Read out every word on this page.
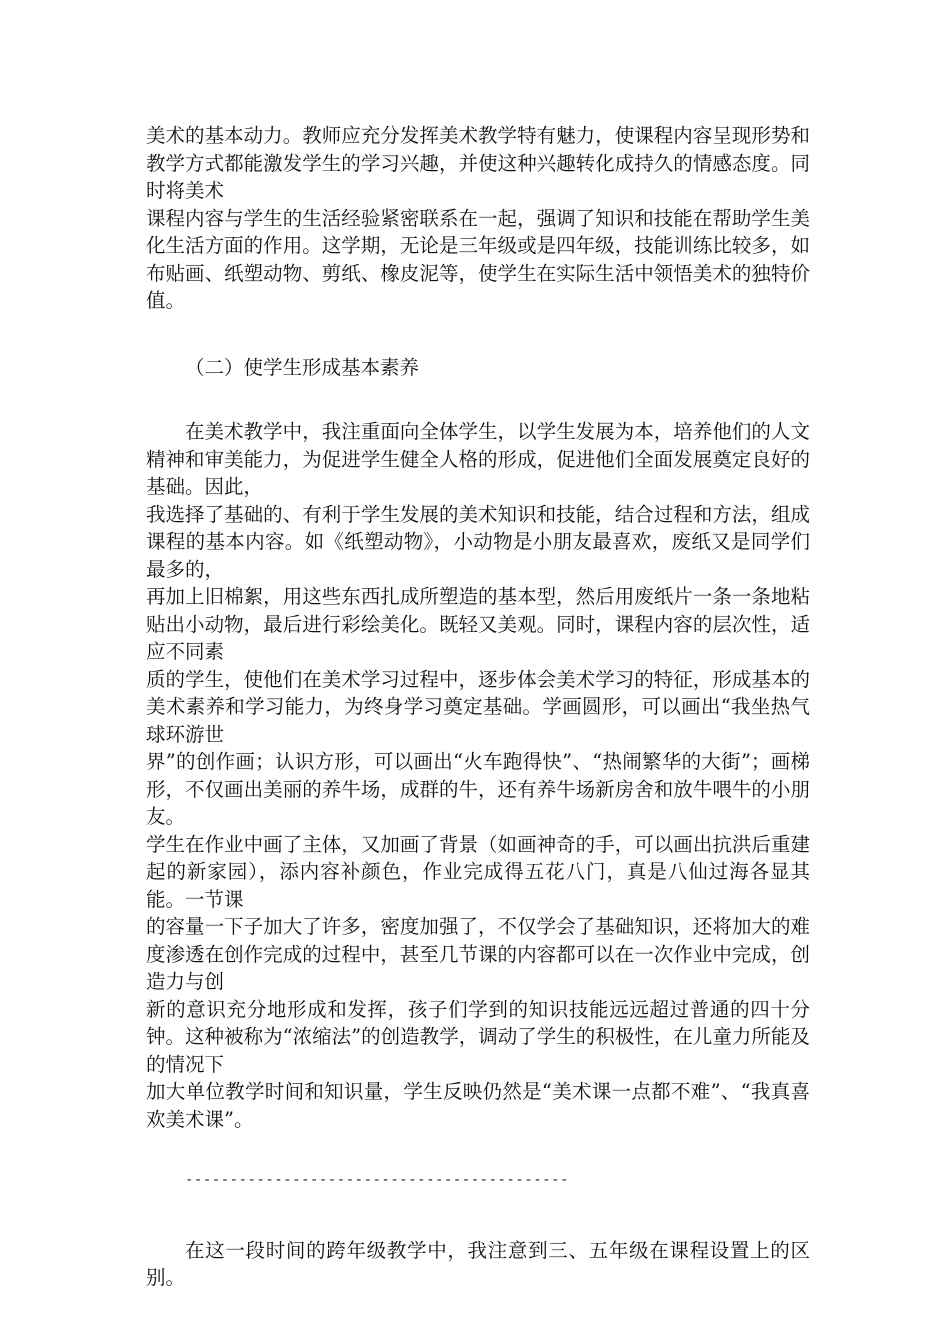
美术的基本动力。教师应充分发挥美术教学特有魅力，使课程内容呈现形势和教学方式都能激发学生的学习兴趣，并使这种兴趣转化成持久的情感态度。同时将美术

课程内容与学生的生活经验紧密联系在一起，强调了知识和技能在帮助学生美化生活方面的作用。这学期，无论是三年级或是四年级，技能训练比较多，如布贴画、纸塑动物、剪纸、橡皮泥等，使学生在实际生活中领悟美术的独特价值。

（二）使学生形成基本素养

在美术教学中，我注重面向全体学生，以学生发展为本，培养他们的人文精神和审美能力，为促进学生健全人格的形成，促进他们全面发展奠定良好的基础。因此，

我选择了基础的、有利于学生发展的美术知识和技能，结合过程和方法，组成课程的基本内容。如《纸塑动物》，小动物是小朋友最喜欢，废纸又是同学们最多的，

再加上旧棉絮，用这些东西扎成所塑造的基本型，然后用废纸片一条一条地粘贴出小动物，最后进行彩绘美化。既轻又美观。同时，课程内容的层次性，适应不同素

质的学生，使他们在美术学习过程中，逐步体会美术学习的特征，形成基本的美术素养和学习能力，为终身学习奠定基础。学画圆形，可以画出“我坐热气球环游世

界”的创作画；认识方形，可以画出“火车跑得快”、“热闹繁华的大街”；画梯形，不仅画出美丽的养牛场，成群的牛，还有养牛场新房舍和放牛喂牛的小朋友。

学生在作业中画了主体，又加画了背景（如画神奇的手，可以画出抗洪后重建起的新家园），添内容补颜色，作业完成得五花八门，真是八仙过海各显其能。一节课

的容量一下子加大了许多，密度加强了，不仅学会了基础知识，还将加大的难度渗透在创作完成的过程中，甚至几节课的内容都可以在一次作业中完成，创造力与创

新的意识充分地形成和发挥，孩子们学到的知识技能远远超过普通的四十分钟。这种被称为“浓缩法”的创造教学，调动了学生的积极性，在儿童力所能及的情况下

加大单位教学时间和知识量，学生反映仍然是“美术课一点都不难”、“我真喜欢美术课”。

-------------------------------------------

在这一段时间的跨年级教学中，我注意到三、五年级在课程设置上的区别。
